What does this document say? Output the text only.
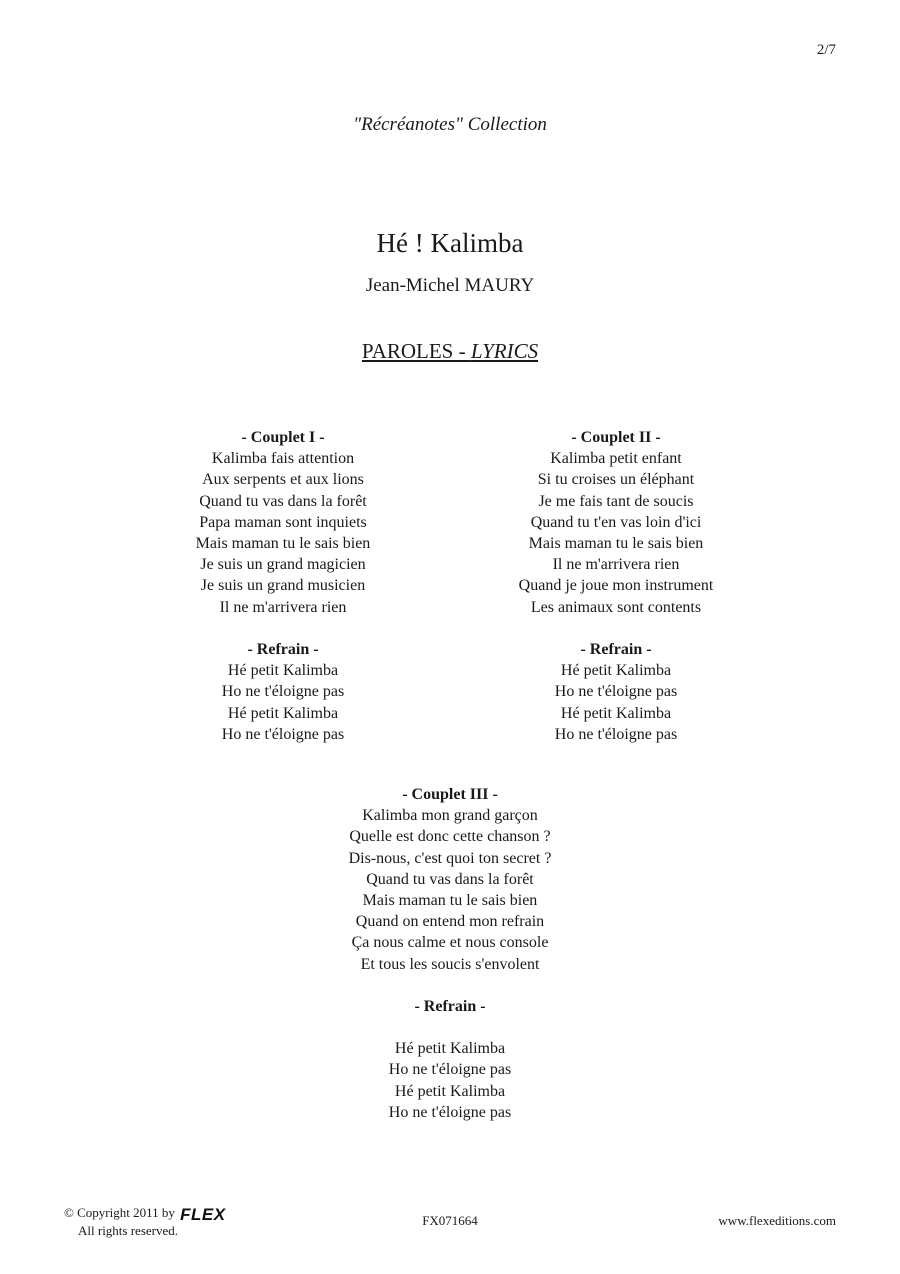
2/7
"Récréanotes" Collection
Hé ! Kalimba
Jean-Michel MAURY
PAROLES - LYRICS
- Couplet I -
Kalimba fais attention
Aux serpents et aux lions
Quand tu vas dans la forêt
Papa maman sont inquiets
Mais maman tu le sais bien
Je suis un grand magicien
Je suis un grand musicien
Il ne m'arrivera rien
- Couplet II -
Kalimba petit enfant
Si tu croises un éléphant
Je me fais tant de soucis
Quand tu t'en vas loin d'ici
Mais maman tu le sais bien
Il ne m'arrivera rien
Quand je joue mon instrument
Les animaux sont contents
- Refrain -
Hé petit Kalimba
Ho ne t'éloigne pas
Hé petit Kalimba
Ho ne t'éloigne pas
- Refrain -
Hé petit Kalimba
Ho ne t'éloigne pas
Hé petit Kalimba
Ho ne t'éloigne pas
- Couplet III -
Kalimba mon grand garçon
Quelle est donc cette chanson ?
Dis-nous, c'est quoi ton secret ?
Quand tu vas dans la forêt
Mais maman tu le sais bien
Quand on entend mon refrain
Ça nous calme et nous console
Et tous les soucis s'envolent
- Refrain -
Hé petit Kalimba
Ho ne t'éloigne pas
Hé petit Kalimba
Ho ne t'éloigne pas
© Copyright 2011 by FLEX
All rights reserved.
FX071664	www.flexeditions.com
